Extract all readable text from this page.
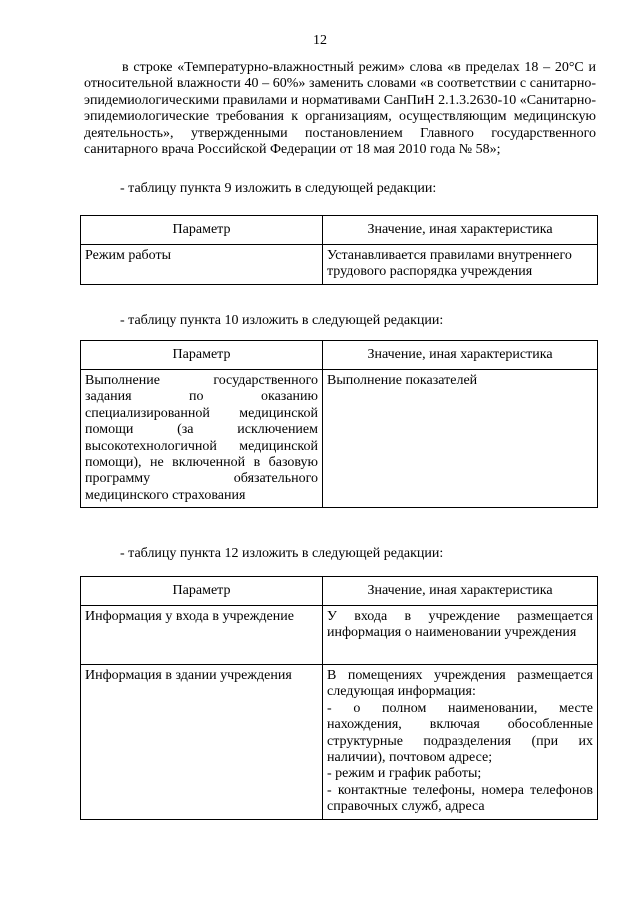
12

в строке «Температурно-влажностный режим» слова «в пределах 18 – 20°С и относительной влажности 40 – 60%» заменить словами «в соответствии с санитарно-эпидемиологическими правилами и нормативами СанПиН 2.1.3.2630-10 «Санитарно-эпидемиологические требования к организациям, осуществляющим медицинскую деятельность», утвержденными постановлением Главного государственного санитарного врача Российской Федерации от 18 мая 2010 года № 58»;

- таблицу пункта 9 изложить в следующей редакции:
Параметр	Значение, иная характеристика
Режим работы	Устанавливается правилами внутреннего трудового распорядка учреждения
- таблицу пункта 10 изложить в следующей редакции:
Параметр	Значение, иная характеристика
Выполнение государственного задания по оказанию специализированной медицинской помощи (за исключением высокотехнологичной медицинской помощи), не включенной в базовую программу обязательного медицинского страхования	Выполнение показателей
- таблицу пункта 12 изложить в следующей редакции:
Параметр	Значение, иная характеристика
Информация у входа в учреждение	У входа в учреждение размещается информация о наименовании учреждения
Информация в здании учреждения	В помещениях учреждения размещается следующая информация:
- о полном наименовании, месте нахождения, включая обособленные структурные подразделения (при их наличии), почтовом адресе;
- режим и график работы;
- контактные телефоны, номера телефонов справочных служб, адреса
